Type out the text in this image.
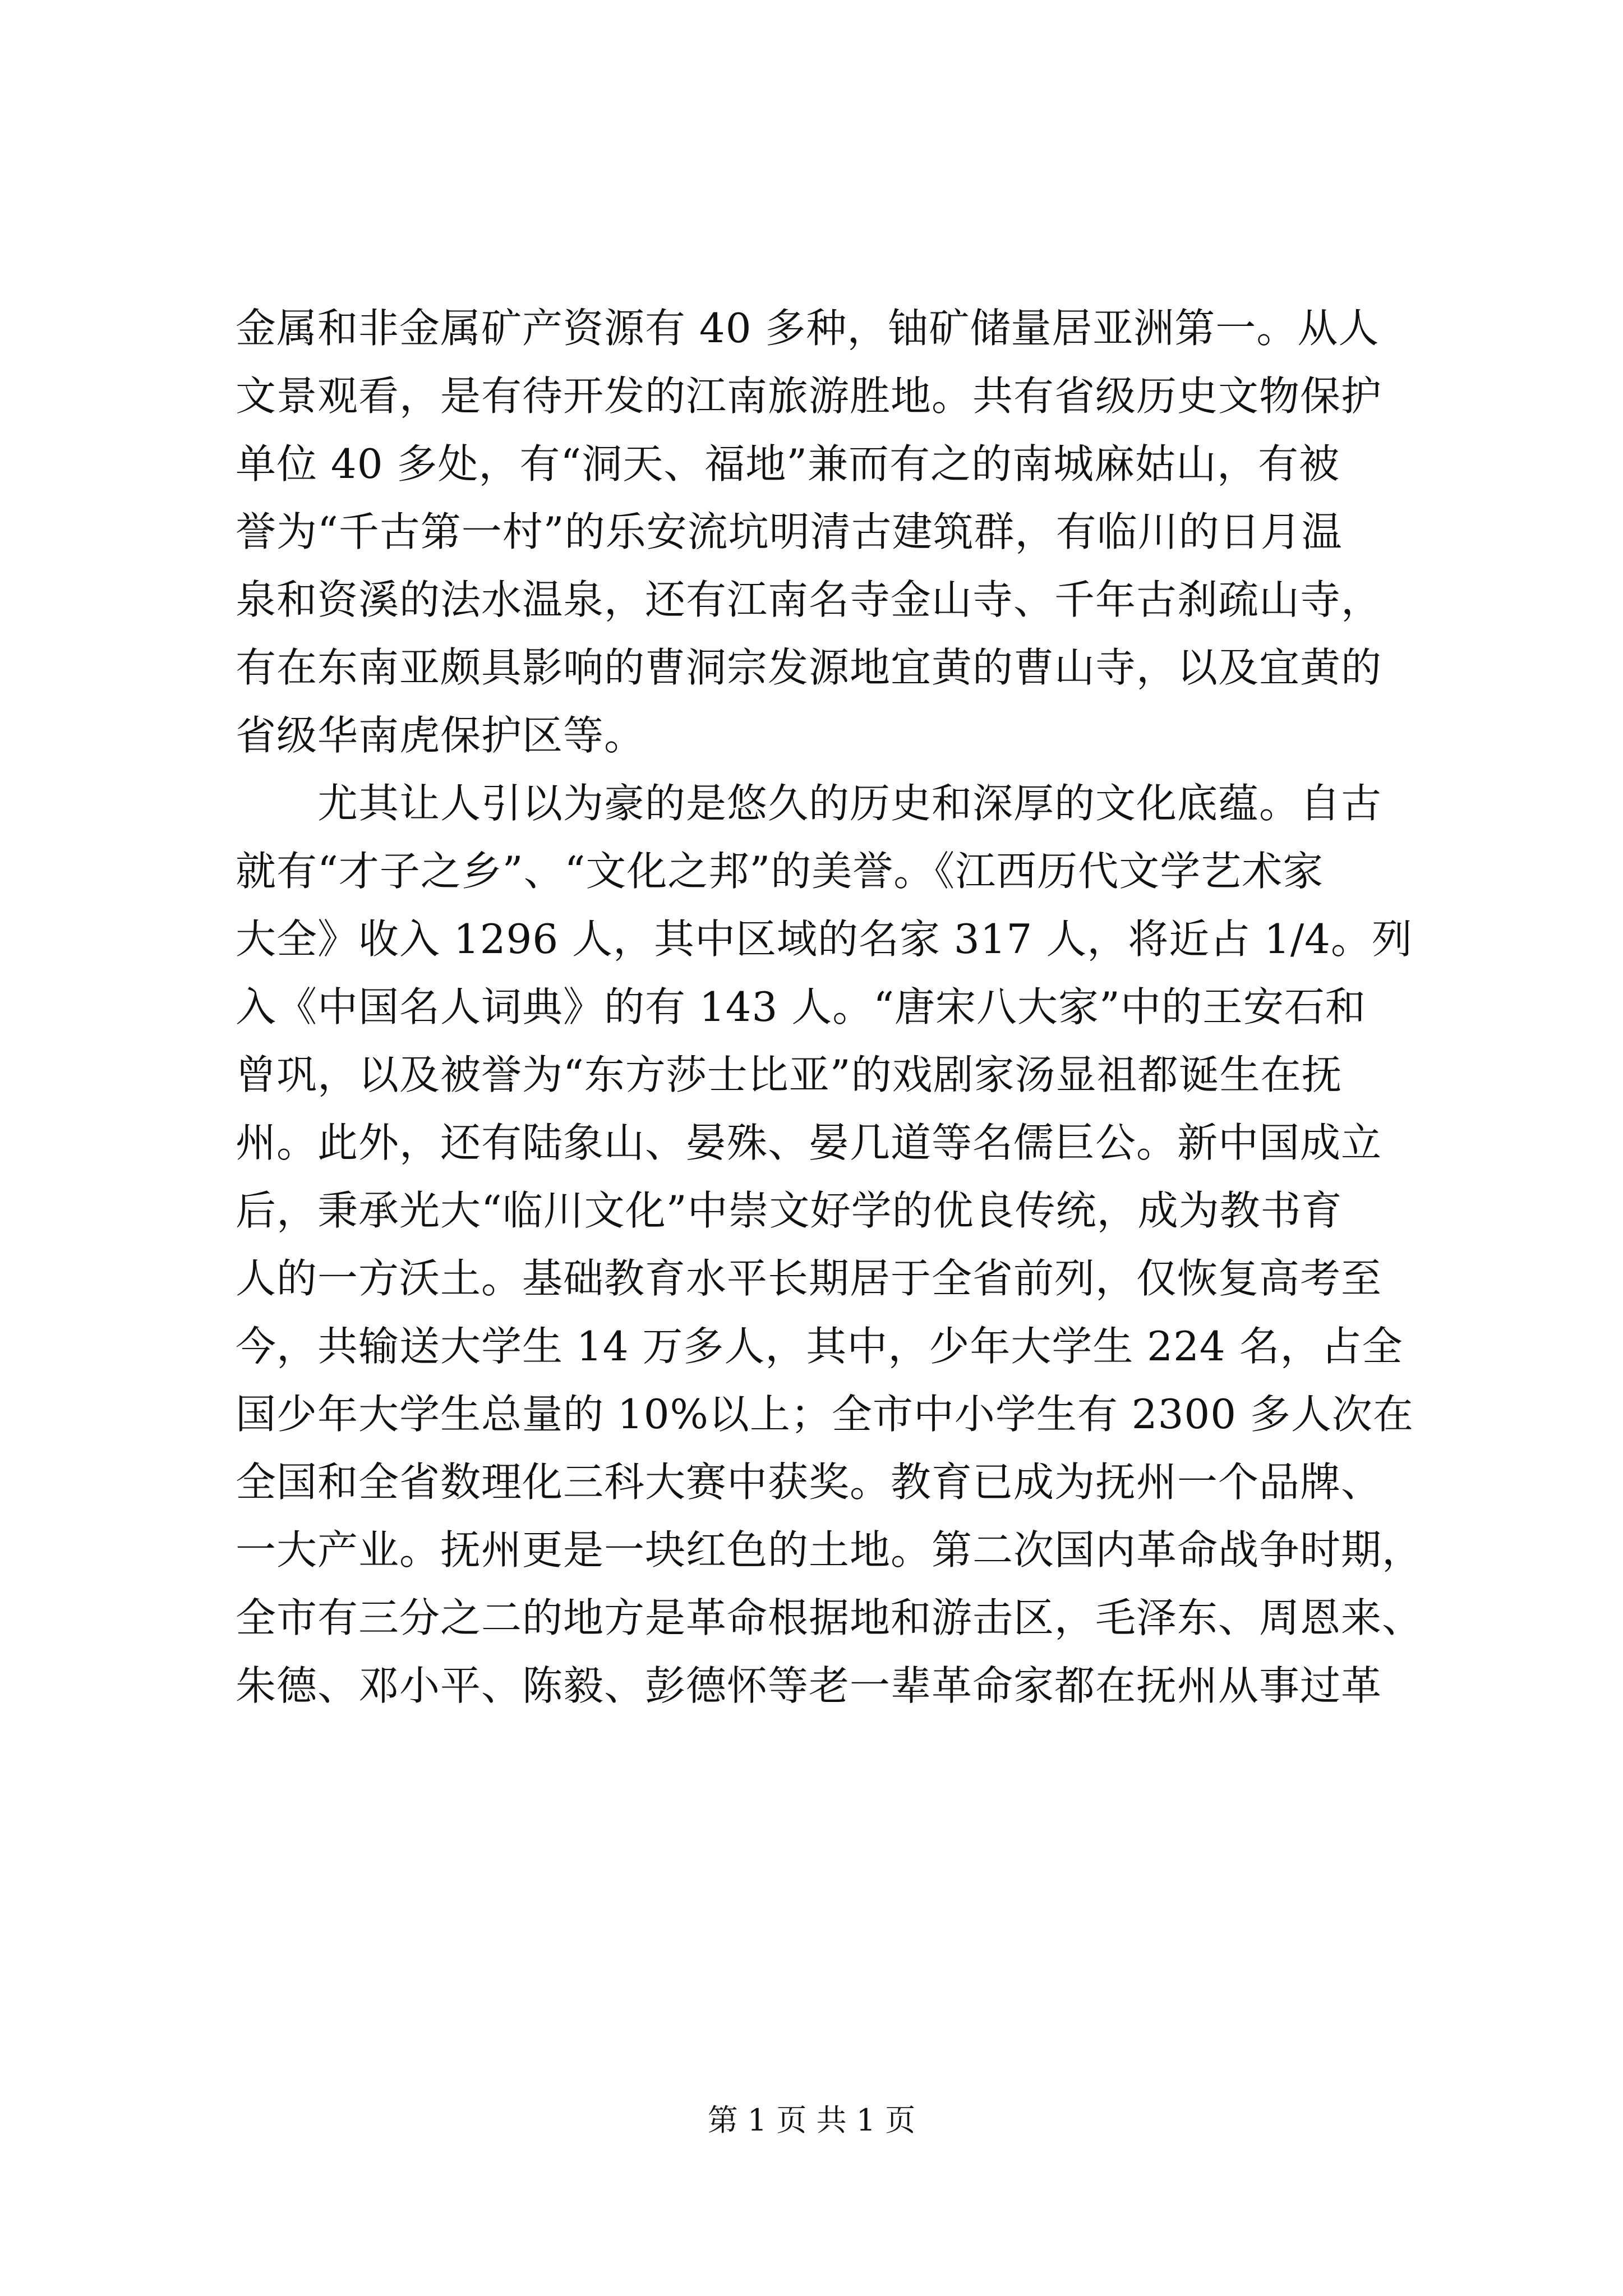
金属和非金属矿产资源有 40 多种，铀矿储量居亚洲第一。从人
文景观看，是有待开发的江南旅游胜地。共有省级历史文物保护
单位 40 多处，有“洞天、福地”兼而有之的南城麻姑山，有被
誉为“千古第一村”的乐安流坑明清古建筑群，有临川的日月温
泉和资溪的法水温泉，还有江南名寺金山寺、千年古刹疏山寺，
有在东南亚颇具影响的曹洞宗发源地宜黄的曹山寺，以及宜黄的
省级华南虎保护区等。
　　尤其让人引以为豪的是悠久的历史和深厚的文化底蕴。自古
就有“才子之乡”、“文化之邦”的美誉。《江西历代文学艺术家
大全》收入 1296 人，其中区域的名家 317 人，将近占 1/4。列
入《中国名人词典》的有 143 人。“唐宋八大家”中的王安石和
曾巩，以及被誉为“东方莎士比亚”的戏剧家汤显祖都诞生在抚
州。此外，还有陆象山、晏殊、晏几道等名儒巨公。新中国成立
后，秉承光大“临川文化”中崇文好学的优良传统，成为教书育
人的一方沃土。基础教育水平长期居于全省前列，仅恢复高考至
今，共输送大学生 14 万多人，其中，少年大学生 224 名，占全
国少年大学生总量的 10%以上；全市中小学生有 2300 多人次在
全国和全省数理化三科大赛中获奖。教育已成为抚州一个品牌、
一大产业。抚州更是一块红色的土地。第二次国内革命战争时期，
全市有三分之二的地方是革命根据地和游击区，毛泽东、周恩来、
朱德、邓小平、陈毅、彭德怀等老一辈革命家都在抚州从事过革
第 1 页 共 1 页
